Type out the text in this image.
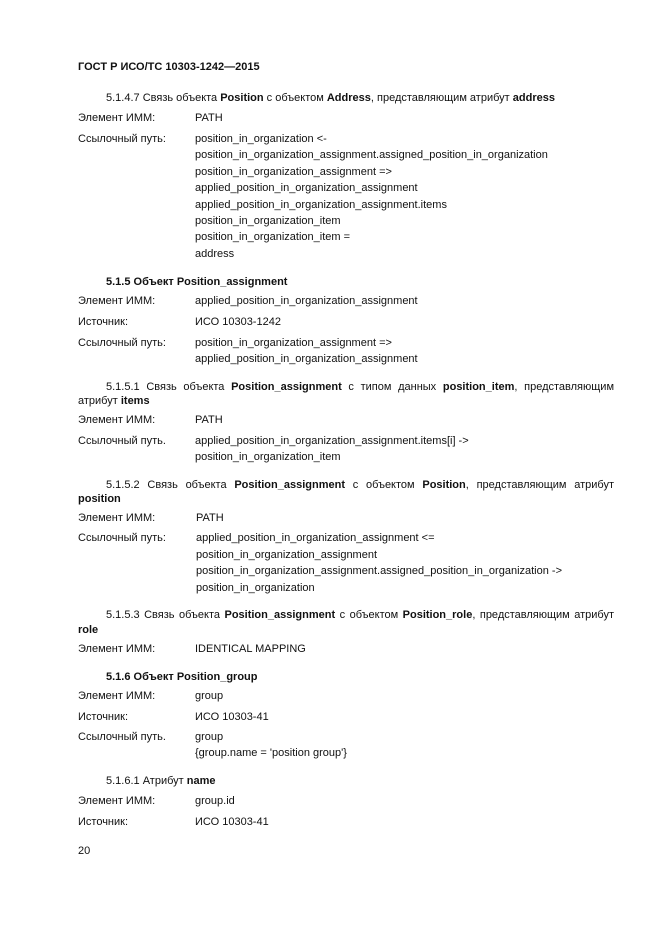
ГОСТ Р ИСО/ТС 10303-1242—2015
5.1.4.7 Связь объекта Position с объектом Address, представляющим атрибут address
Элемент ИММ:	PATH
Ссылочный путь:	position_in_organization <-
position_in_organization_assignment.assigned_position_in_organization
position_in_organization_assignment =>
applied_position_in_organization_assignment
applied_position_in_organization_assignment.items
position_in_organization_item
position_in_organization_item =
address
5.1.5 Объект Position_assignment
Элемент ИММ:	applied_position_in_organization_assignment
Источник:	ИСО 10303-1242
Ссылочный путь:	position_in_organization_assignment =>
applied_position_in_organization_assignment
5.1.5.1 Связь объекта Position_assignment с типом данных position_item, представляющим
атрибут items
Элемент ИММ:	PATH
Ссылочный путь.	applied_position_in_organization_assignment.items[i] ->
position_in_organization_item
5.1.5.2 Связь объекта Position_assignment с объектом Position, представляющим атрибут
position
Элемент ИММ:	PATH
Ссылочный путь:	applied_position_in_organization_assignment <=
position_in_organization_assignment
position_in_organization_assignment.assigned_position_in_organization ->
position_in_organization
5.1.5.3 Связь объекта Position_assignment с объектом Position_role, представляющим атрибут
role
Элемент ИММ:	IDENTICAL MAPPING
5.1.6 Объект Position_group
Элемент ИММ:	group
Источник:	ИСО 10303-41
Ссылочный путь.	group
{group.name = 'position group'}
5.1.6.1 Атрибут name
Элемент ИММ:	group.id
Источник:	ИСО 10303-41
20
